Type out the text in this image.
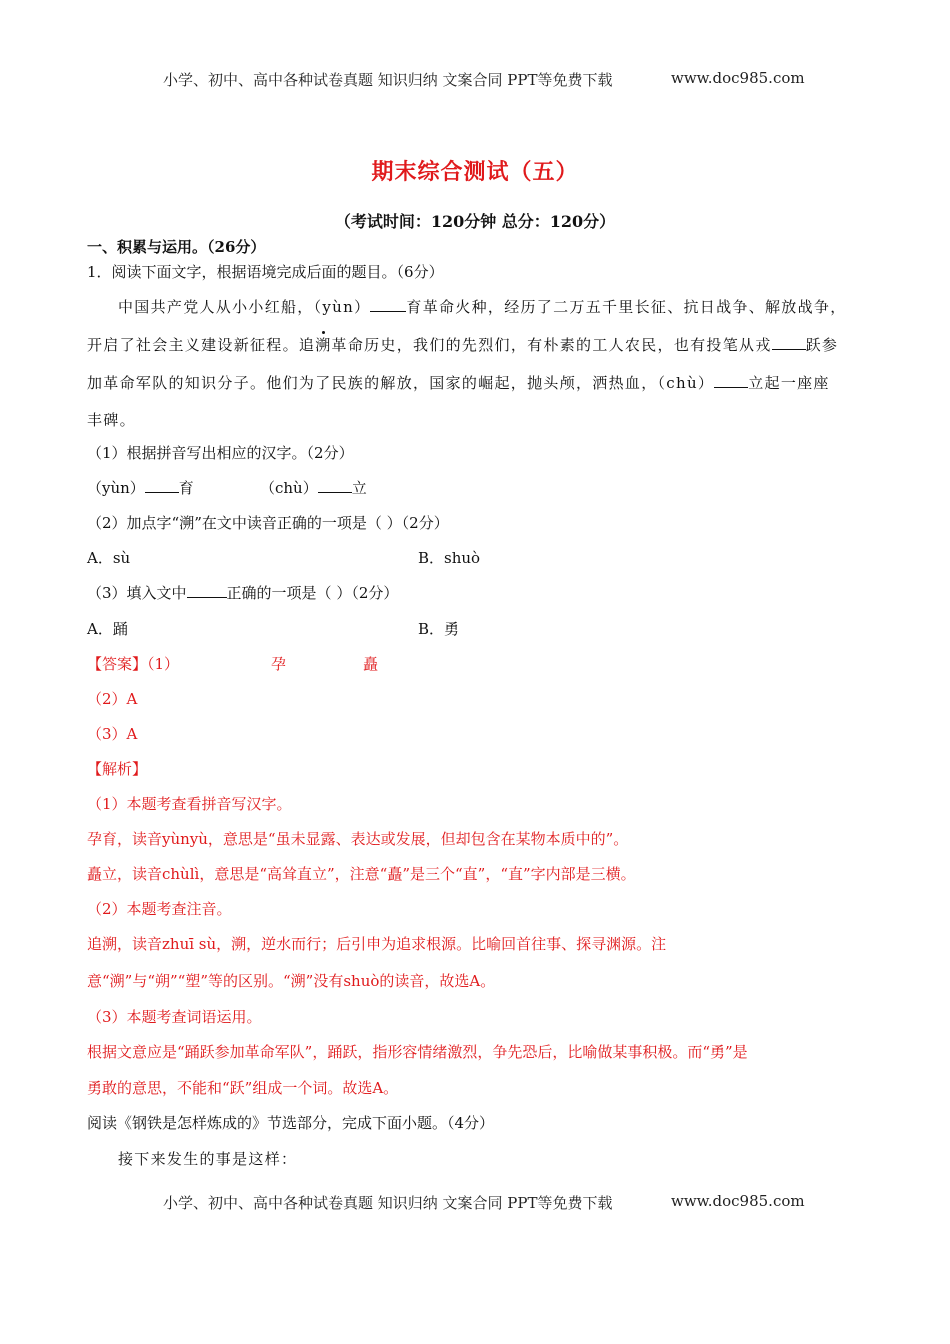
小学、初中、高中各种试卷真题 知识归纳 文案合同 PPT等免费下载	www.doc985.com
期末综合测试（五）
（考试时间：120分钟 总分：120分）
一、积累与运用。（26分）
1．阅读下面文字，根据语境完成后面的题目。（6分）
中国共产党人从小小红船，（yùn） 育革命火种，经历了二万五千里长征、抗日战争、解放战争，
开启了社会主义建设新征程。追溯革命历史，我们的先烈们，有朴素的工人农民，也有投笔从戎 跃参
加革命军队的知识分子。他们为了民族的解放，国家的崛起，抛头颅，洒热血，（chù） 立起一座座
丰碑。
（1）根据拼音写出相应的汉字。（2分）
（yùn） 育	（chù） 立
（2）加点字“溯”在文中读音正确的一项是（ ）（2分）
A．sù	B．shuò
（3）填入文中	正确的一项是（ ）（2分）
A．踊	B．勇
【答案】（1）	孕	矗
（2）A
（3）A
【解析】
（1）本题考查看拼音写汉字。
孕育，读音yùnyù，意思是“虽未显露、表达或发展，但却包含在某物本质中的”。
矗立，读音chùlì，意思是“高耸直立”，注意“矗”是三个“直”，“直”字内部是三横。
（2）本题考查注音。
追溯，读音zhuī sù，溯，逆水而行；后引申为追求根源。比喻回首往事、探寻渊源。注
意“溯”与“朔”“塑”等的区别。“溯”没有shuò的读音，故选A。
（3）本题考查词语运用。
根据文意应是“踊跃参加革命军队”，踊跃，指形容情绪激烈，争先恐后，比喻做某事积极。而“勇”是
勇敢的意思，不能和“跃”组成一个词。故选A。
阅读《钢铁是怎样炼成的》节选部分，完成下面小题。（4分）
接下来发生的事是这样：
小学、初中、高中各种试卷真题 知识归纳 文案合同 PPT等免费下载	www.doc985.com
